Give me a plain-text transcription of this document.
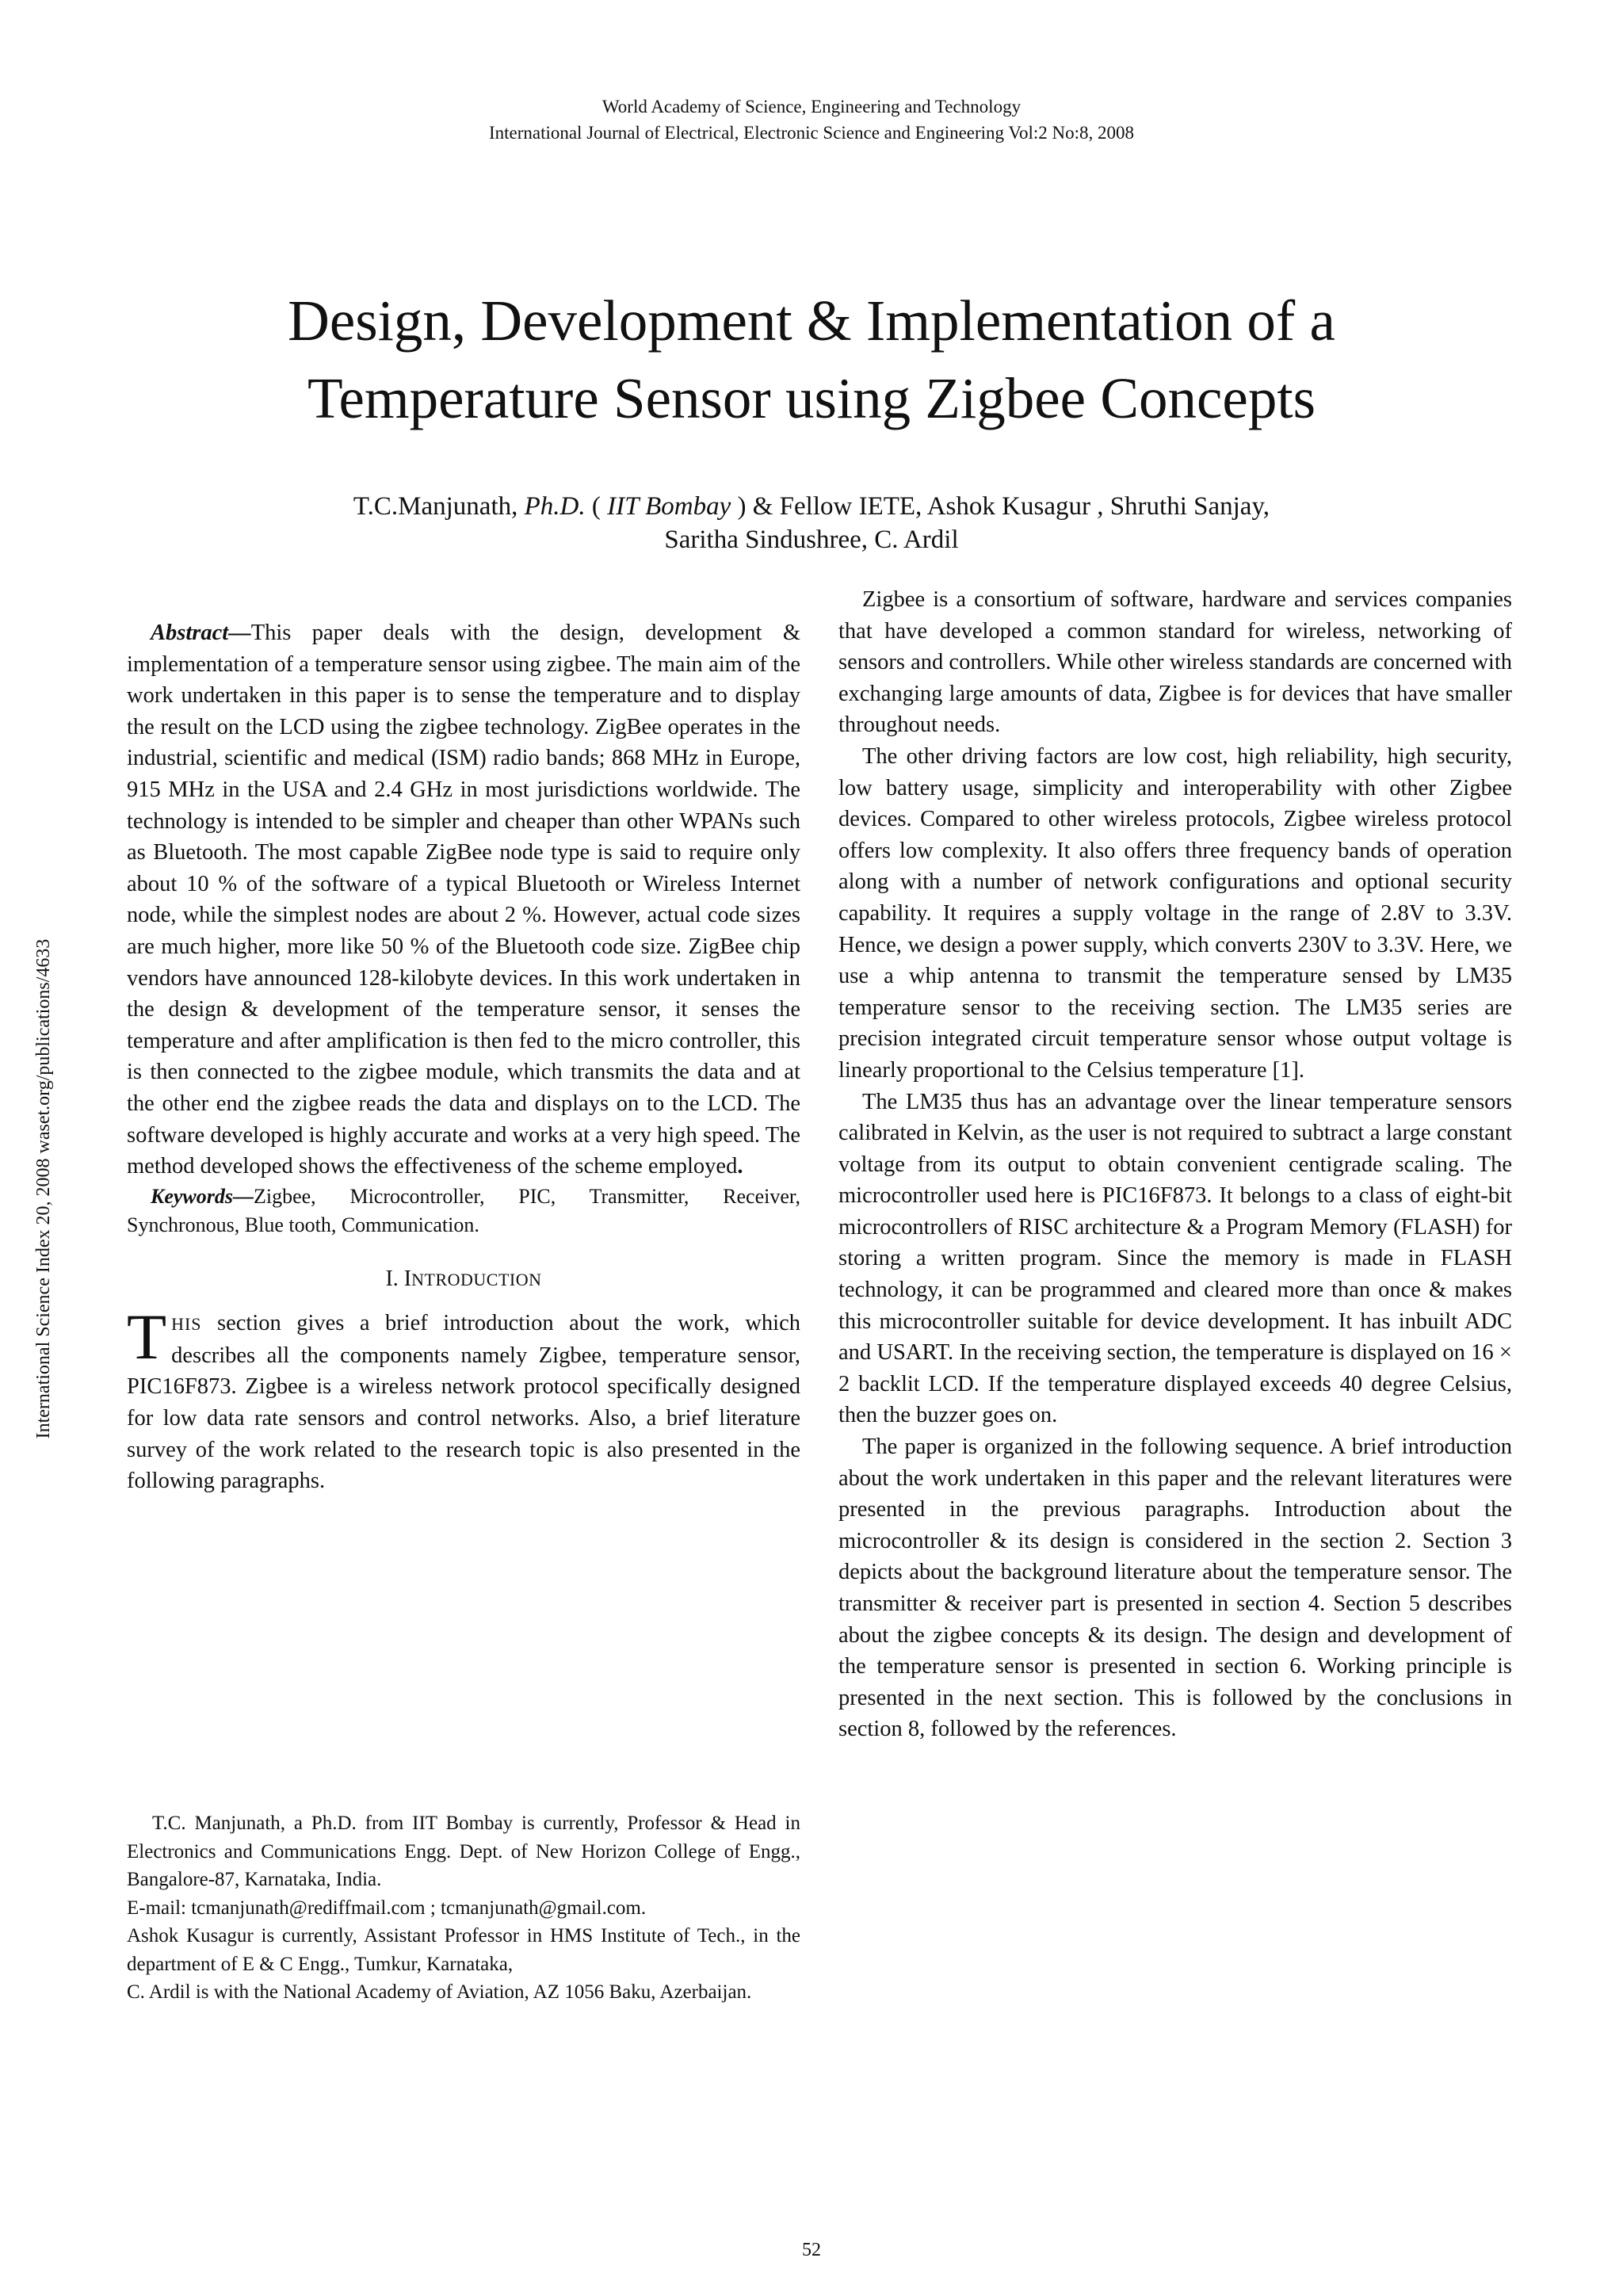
World Academy of Science, Engineering and Technology
International Journal of Electrical, Electronic Science and Engineering Vol:2 No:8, 2008
Design, Development & Implementation of a
Temperature Sensor using Zigbee Concepts
T.C.Manjunath, Ph.D. ( IIT Bombay ) & Fellow IETE, Ashok Kusagur , Shruthi Sanjay,
Saritha Sindushree, C. Ardil
International Science Index 20, 2008 waset.org/publications/4633

Abstract—This paper deals with the design, development & implementation of a temperature sensor using zigbee. The main aim of the work undertaken in this paper is to sense the temperature and to display the result on the LCD using the zigbee technology. ZigBee operates in the industrial, scientific and medical (ISM) radio bands; 868 MHz in Europe, 915 MHz in the USA and 2.4 GHz in most jurisdictions worldwide. The technology is intended to be simpler and cheaper than other WPANs such as Bluetooth. The most capable ZigBee node type is said to require only about 10 % of the software of a typical Bluetooth or Wireless Internet node, while the simplest nodes are about 2 %. However, actual code sizes are much higher, more like 50 % of the Bluetooth code size. ZigBee chip vendors have announced 128-kilobyte devices. In this work undertaken in the design & development of the temperature sensor, it senses the temperature and after amplification is then fed to the micro controller, this is then connected to the zigbee module, which transmits the data and at the other end the zigbee reads the data and displays on to the LCD. The software developed is highly accurate and works at a very high speed. The method developed shows the effectiveness of the scheme employed.

Keywords—Zigbee, Microcontroller, PIC, Transmitter, Receiver, Synchronous, Blue tooth, Communication.

I. INTRODUCTION

THIS section gives a brief introduction about the work, which describes all the components namely Zigbee, temperature sensor, PIC16F873. Zigbee is a wireless network protocol specifically designed for low data rate sensors and control networks. Also, a brief literature survey of the work related to the research topic is also presented in the following paragraphs.

T.C. Manjunath, a Ph.D. from IIT Bombay is currently, Professor & Head in Electronics and Communications Engg. Dept. of New Horizon College of Engg., Bangalore-87, Karnataka, India.
E-mail: tcmanjunath@rediffmail.com ; tcmanjunath@gmail.com.
Ashok Kusagur is currently, Assistant Professor in HMS Institute of Tech., in the department of E & C Engg., Tumkur, Karnataka,
C. Ardil is with the National Academy of Aviation, AZ 1056 Baku, Azerbaijan.

Zigbee is a consortium of software, hardware and services companies that have developed a common standard for wireless, networking of sensors and controllers. While other wireless standards are concerned with exchanging large amounts of data, Zigbee is for devices that have smaller throughout needs.

The other driving factors are low cost, high reliability, high security, low battery usage, simplicity and interoperability with other Zigbee devices. Compared to other wireless protocols, Zigbee wireless protocol offers low complexity. It also offers three frequency bands of operation along with a number of network configurations and optional security capability. It requires a supply voltage in the range of 2.8V to 3.3V. Hence, we design a power supply, which converts 230V to 3.3V. Here, we use a whip antenna to transmit the temperature sensed by LM35 temperature sensor to the receiving section. The LM35 series are precision integrated circuit temperature sensor whose output voltage is linearly proportional to the Celsius temperature [1].

The LM35 thus has an advantage over the linear temperature sensors calibrated in Kelvin, as the user is not required to subtract a large constant voltage from its output to obtain convenient centigrade scaling. The microcontroller used here is PIC16F873. It belongs to a class of eight-bit microcontrollers of RISC architecture & a Program Memory (FLASH) for storing a written program. Since the memory is made in FLASH technology, it can be programmed and cleared more than once & makes this microcontroller suitable for device development. It has inbuilt ADC and USART. In the receiving section, the temperature is displayed on 16 × 2 backlit LCD. If the temperature displayed exceeds 40 degree Celsius, then the buzzer goes on.

The paper is organized in the following sequence. A brief introduction about the work undertaken in this paper and the relevant literatures were presented in the previous paragraphs. Introduction about the microcontroller & its design is considered in the section 2. Section 3 depicts about the background literature about the temperature sensor. The transmitter & receiver part is presented in section 4. Section 5 describes about the zigbee concepts & its design. The design and development of the temperature sensor is presented in section 6. Working principle is presented in the next section. This is followed by the conclusions in section 8, followed by the references.

52
